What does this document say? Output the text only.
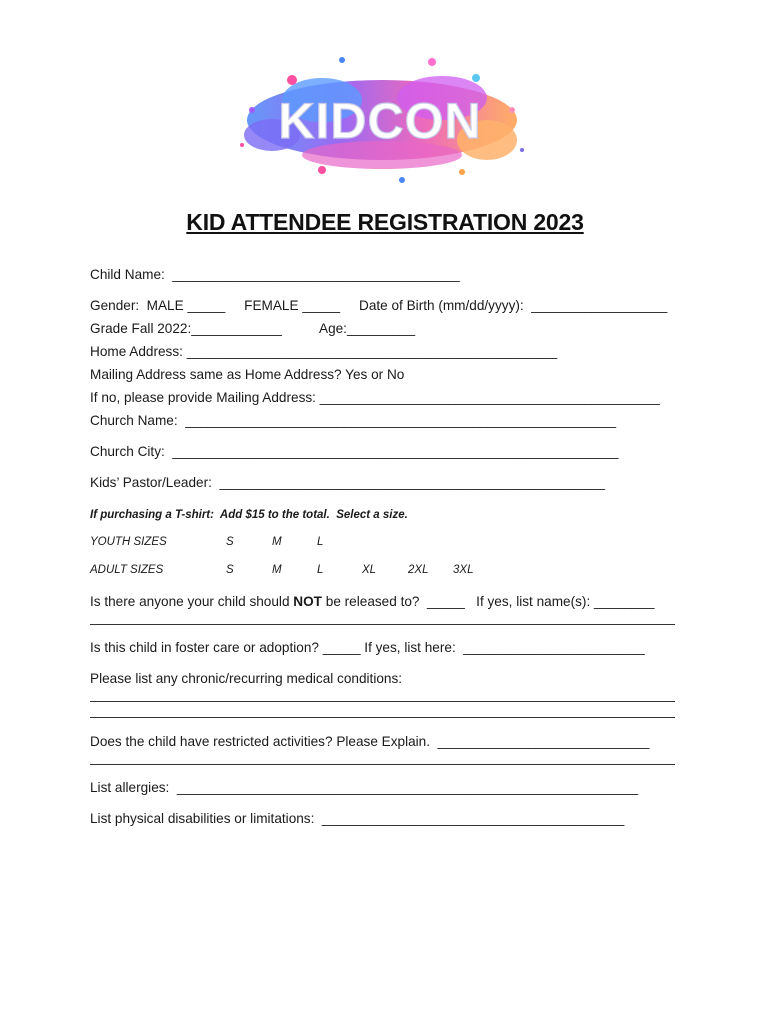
KIDCON
KID ATTENDEE REGISTRATION 2023
Child Name:  ______________________________________
Gender:  MALE _____     FEMALE _____     Date of Birth (mm/dd/yyyy):  __________________
Grade Fall 2022:____________          Age:_________
Home Address: _________________________________________________
Mailing Address same as Home Address? Yes or No
If no, please provide Mailing Address: _____________________________________________
Church Name:  _________________________________________________________
Church City:  ___________________________________________________________
Kids’ Pastor/Leader:  ___________________________________________________
If purchasing a T-shirt:  Add $15 to the total.  Select a size.
YOUTH SIZES	S	M	L
ADULT SIZES	S	M	L	XL	2XL 3XL
Is there anyone your child should NOT be released to?  _____   If yes, list name(s): ________
Is this child in foster care or adoption? _____ If yes, list here:  ________________________
Please list any chronic/recurring medical conditions:
Does the child have restricted activities? Please Explain.  ____________________________
List allergies:  _____________________________________________________________
List physical disabilities or limitations:  ________________________________________
